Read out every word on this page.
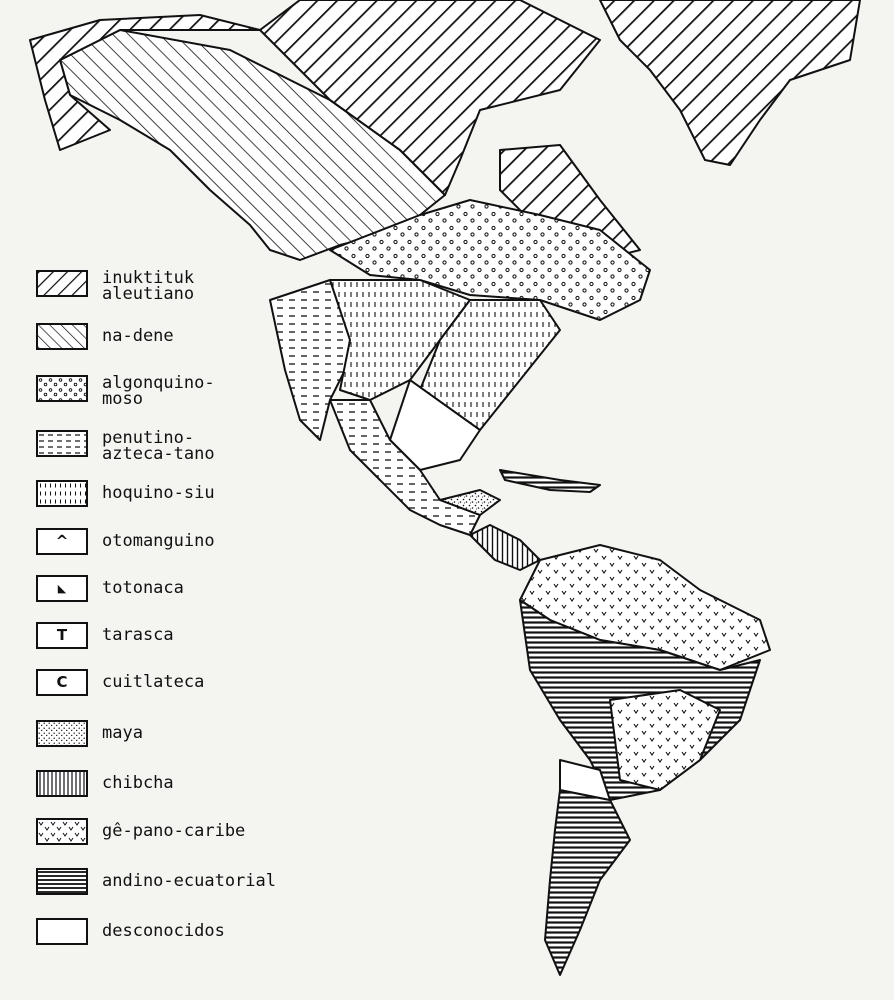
inuktituk
aleutiano
na-dene
algonquino-
moso
penutino-
azteca-tano
hoquino-siu
^	otomanguino
◣	totonaca
T	tarasca
C	cuitlateca
maya
chibcha
gê-pano-caribe
andino-ecuatorial
desconocidos
